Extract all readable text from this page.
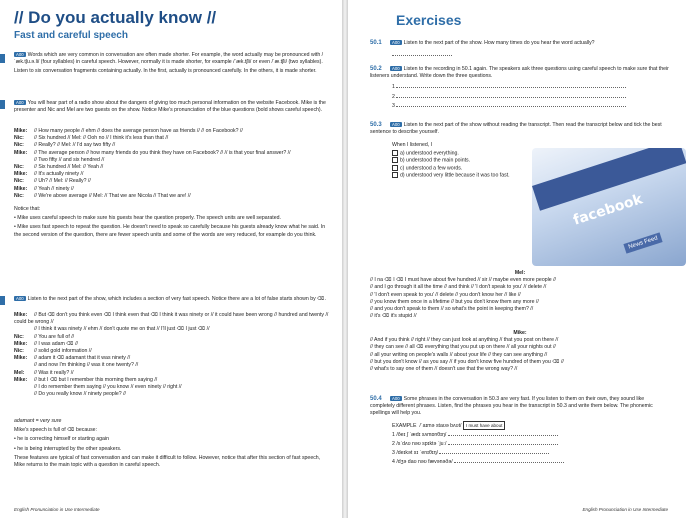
// Do you actually know //
Fast and careful speech

A00 Words which are very common in conversation are often made shorter. For example, the word actually may be pronounced with /ˈæk.tʃu.ə.li/ (four syllables) in careful speech. However, normally it is made shorter, for example /ˈæk.tʃli/ or even /ˈæ.tʃli/ (two syllables).

Listen to six conversation fragments containing actually. In the first, actually is pronounced carefully. In the others, it is made shorter.

A00 You will hear part of a radio show about the dangers of giving too much personal information on the website Facebook. Mike is the presenter and Nic and Mel are two guests on the show. Notice Mike's pronunciation of the blue questions (bold shows careful speech).

Mike: // How many people // ehm // does the average person have as friends // // on Facebook? //
Nic: // Six hundred // Mel: // Ooh no // I think it's less than that //
Nic: // Really? // Mel: // I'd say two fifty //
Mike: // The average person // how many friends do you think they have on Facebook? // // is that your final answer? //
// Two fifty // and six hendred //
Nic: // Six hundred // Mel: // Yeah //
Mike: // It's actually ninety //
Nic: // Uh? // Mel: // Really? //
Mike: // Yeah // ninety //
Nic: // We're above average // Mel: // That we are Nicola // That we are! //

Notice that:

• Mike uses careful speech to make sure his guests hear the question properly. The speech units are well separated.

• Mike uses fast speech to repeat the question. He doesn't need to speak so carefully because his guests already know what he said. In the second version of the question, there are fewer speech units and some of the words are very reduced, for example do you think.

A00 Listen to the next part of the show, which includes a section of very fast speech. Notice there are a lot of false starts shown by ⌫.

Mike: // But ⌫ don't you think even ⌫ I think even that ⌫ I think it was ninety or // it could have been wrong // hundred and twenty // could be wrong //
// I think it was ninety // ehm // don't quote me on that // I'll just ⌫ I just ⌫ //
Nic: // You are full of //
Mike: // I was adam ⌫ //
Nic: // solid gold information //
Mike: // adam it ⌫ adamant that it was ninety //
// and now I'm thinking // was it one twenty? //
Mel: // Was it really? //
Mike: // but I ⌫ but I remember this morning them saying //
// I do remember them saying // you know // even ninety // right //
// Do you really know // ninety people? //

adamant = very sure

Mike's speech is full of ⌫ because:

• he is correcting himself or starting again

• he is being interrupted by the other speakers.

These features are typical of fast conversation and can make it difficult to follow. However, notice that after this section of fast speech, Mike returns to the main topic with a question in careful speech.

English Pronunciation in Use Intermediate
Exercises
50.1 A00 Listen to the next part of the show. How many times do you hear the word actually?
50.2 A00 Listen to the recording in 50.1 again. The speakers ask three questions using careful speech to make sure that their listeners understand. Write down the three questions.
1
2
3
50.3 A00 Listen to the next part of the show without reading the transcript. Then read the transcript below and tick the best sentence to describe yourself.
When I listened, I
a) understood everything.
b) understood the main points.
c) understood a few words.
d) understood very little because it was too fast.
facebook
News Feed
Mel:
// I na ⌫ I ⌫ I must have about five hundred // sir // maybe even more people //
// and I go through it all the time // and think // 'I don't speak to you' // delete //
// 'I don't even speak to you' // delete // you don't know her // like //
// you know them once in a lifetime // but you don't know them any more //
// and you don't speak to them // so what's the point in keeping them? //
// it's ⌫ it's stupid //
Mike:
// And if you think // right // they can just look at anything // that you post on there //
// they can see // all ⌫ everything that you put up on there // all your nights out //
// all your writing on people's walls // about your life // they can see anything //
// but you don't know // as you say // if you don't know five hundred of them you ⌫ //
// what's to say one of them // doesn't use that the wrong way? //
50.4 A00 Some phrases in the conversation in 50.3 are very fast. If you listen to them on their own, they sound like completely different phrases. Listen, find the phrases you hear in the transcript in 50.3 and write them below. The phonemic spellings will help you.
EXAMPLE /ˈaɪmə staʊə bʌʊt/ I must have about
1 /ðeɪ ʃ ˈædɪ sʌmɒnθɪŋ/
2 /sˈdʌʊ nəʊ spɪktə ˈjuː/
3 /deɪkət sɪ ˈenɪθɪŋ/
4 /dʒə daʊ nəʊ fævənəðə/
English Pronunciation in Use Intermediate
